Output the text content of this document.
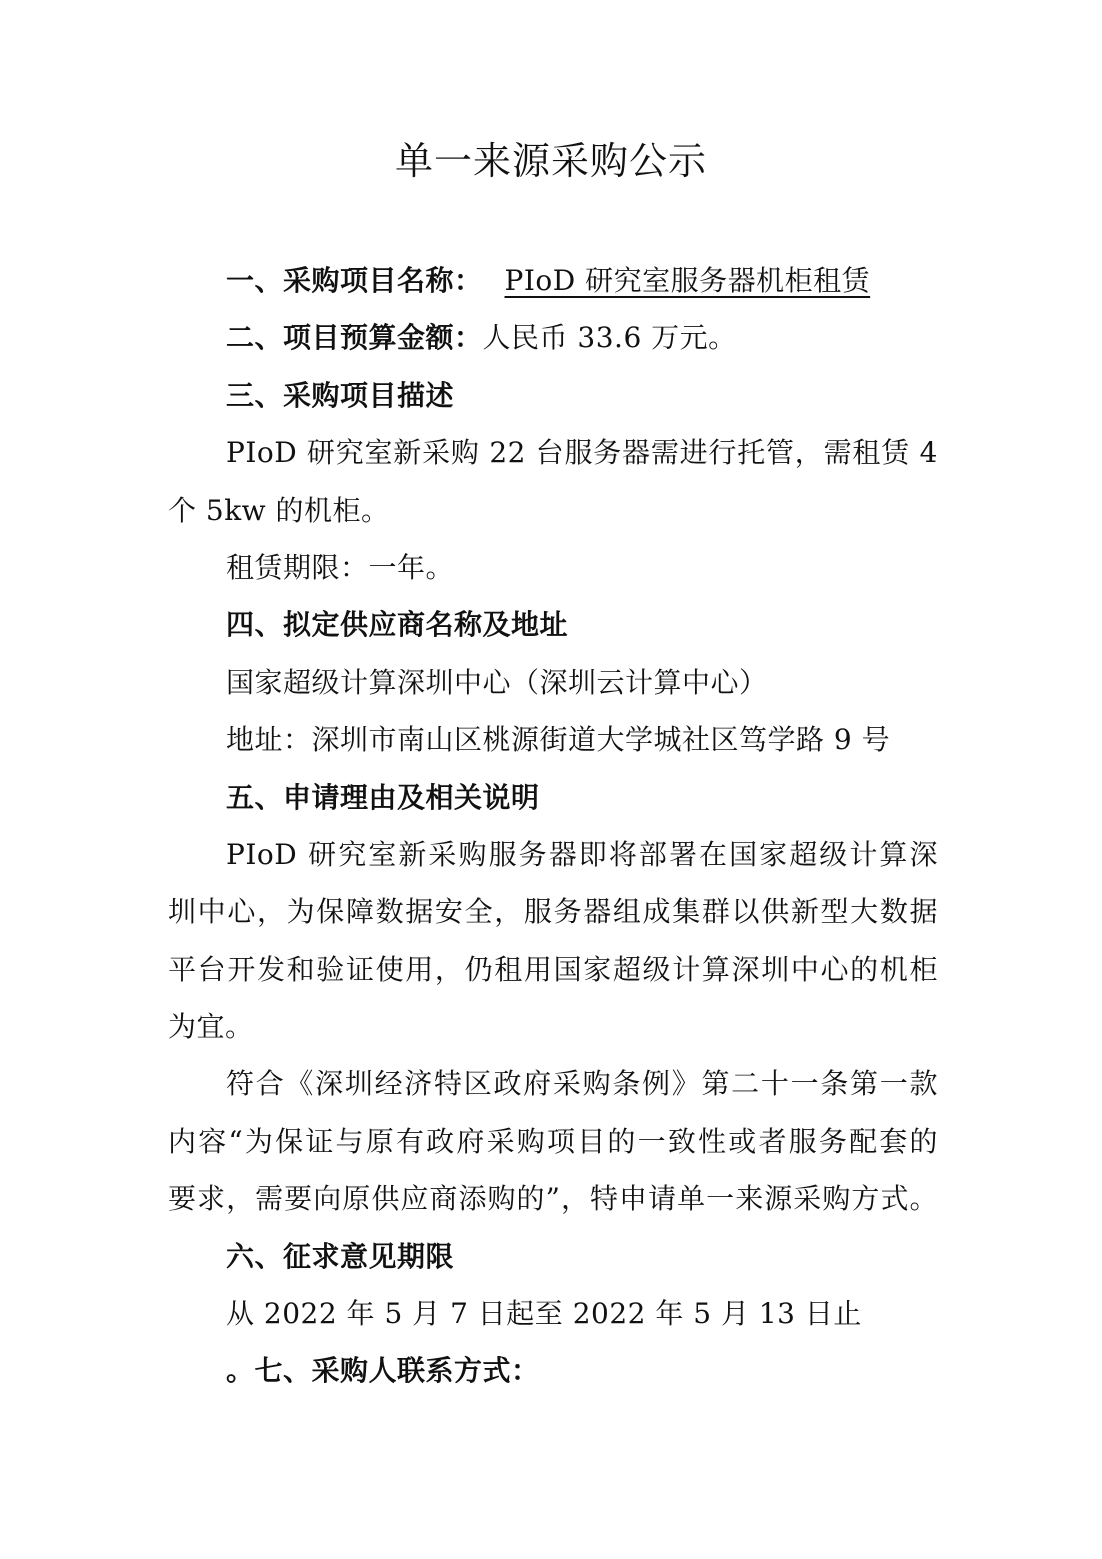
单一来源采购公示

一、采购项目名称： PIoD 研究室服务器机柜租赁

二、项目预算金额：人民币 33.6 万元。

三、采购项目描述

PIoD 研究室新采购 22 台服务器需进行托管，需租赁 4

个 5kw 的机柜。

租赁期限：一年。

四、拟定供应商名称及地址

国家超级计算深圳中心（深圳云计算中心）

地址：深圳市南山区桃源街道大学城社区笃学路 9 号

五、申请理由及相关说明

PIoD 研究室新采购服务器即将部署在国家超级计算深

圳中心，为保障数据安全，服务器组成集群以供新型大数据

平台开发和验证使用，仍租用国家超级计算深圳中心的机柜

为宜。

符合《深圳经济特区政府采购条例》第二十一条第一款

内容“为保证与原有政府采购项目的一致性或者服务配套的

要求，需要向原供应商添购的”，特申请单一来源采购方式。

六、征求意见期限

从 2022 年 5 月 7 日起至 2022 年 5 月 13 日止

。七、采购人联系方式：
